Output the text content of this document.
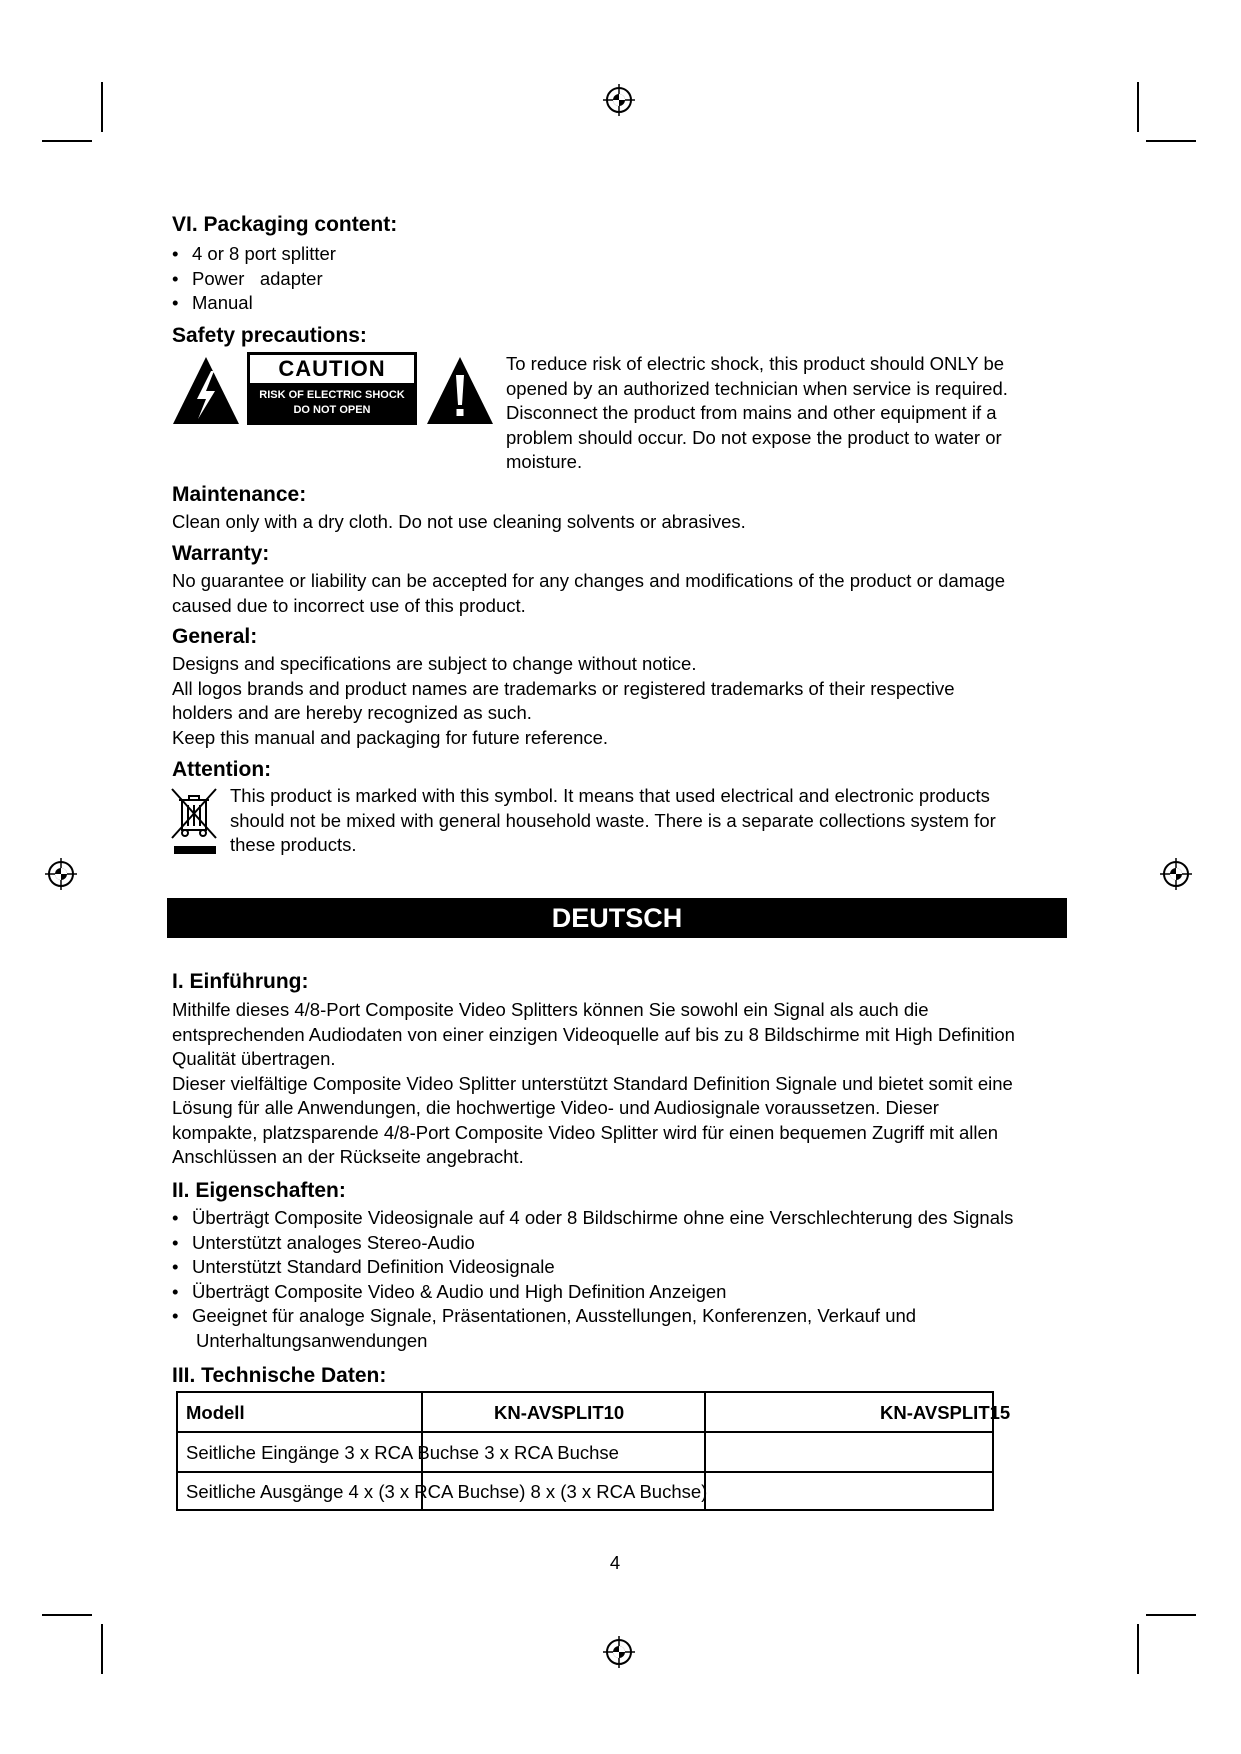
VI. Packaging content:
• 4 or 8 port splitter
• Power   adapter
• Manual
Safety precautions:
CAUTION
RISK OF ELECTRIC SHOCK
DO NOT OPEN
To reduce risk of electric shock, this product should ONLY be
opened by an authorized technician when service is required.
Disconnect the product from mains and other equipment if a
problem should occur. Do not expose the product to water or
moisture.
Maintenance:
Clean only with a dry cloth. Do not use cleaning solvents or abrasives.
Warranty:
No guarantee or liability can be accepted for any changes and modifications of the product or damage
caused due to incorrect use of this product.
General:
Designs and specifications are subject to change without notice.
All logos brands and product names are trademarks or registered trademarks of their respective
holders and are hereby recognized as such.
Keep this manual and packaging for future reference.
Attention:
This product is marked with this symbol. It means that used electrical and electronic products
should not be mixed with general household waste. There is a separate collections system for
these products.
DEUTSCH
I. Einführung:
Mithilfe dieses 4/8-Port Composite Video Splitters können Sie sowohl ein Signal als auch die
entsprechenden Audiodaten von einer einzigen Videoquelle auf bis zu 8 Bildschirme mit High Definition
Qualität übertragen.
Dieser vielfältige Composite Video Splitter unterstützt Standard Definition Signale und bietet somit eine
Lösung für alle Anwendungen, die hochwertige Video- und Audiosignale voraussetzen. Dieser
kompakte, platzsparende 4/8-Port Composite Video Splitter wird für einen bequemen Zugriff mit allen
Anschlüssen an der Rückseite angebracht.
II. Eigenschaften:
• Überträgt Composite Videosignale auf 4 oder 8 Bildschirme ohne eine Verschlechterung des Signals
• Unterstützt analoges Stereo-Audio
• Unterstützt Standard Definition Videosignale
• Überträgt Composite Video & Audio und High Definition Anzeigen
• Geeignet für analoge Signale, Präsentationen, Ausstellungen, Konferenzen, Verkauf und
Unterhaltungsanwendungen
III. Technische Daten:
Modell	KN-AVSPLIT10	KN-AVSPLIT15
Seitliche Eingänge 3 x RCA Buchse 3 x RCA Buchse
Seitliche Ausgänge 4 x (3 x RCA Buchse) 8 x (3 x RCA Buchse)
4
